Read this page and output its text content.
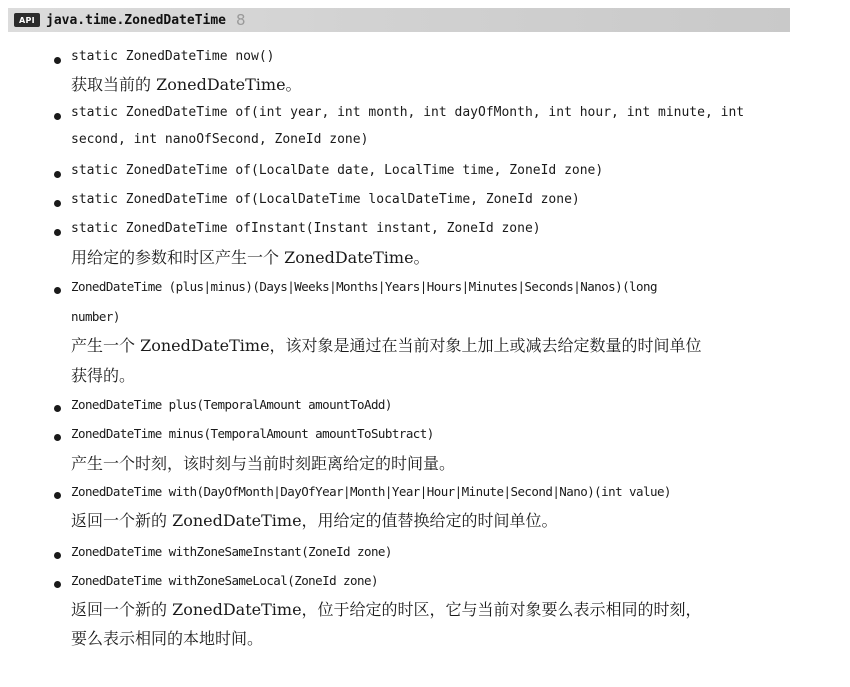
API java.time.ZonedDateTime 8
static ZonedDateTime now()
获取当前的 ZonedDateTime。
static ZonedDateTime of(int year, int month, int dayOfMonth, int hour, int minute, int
second, int nanoOfSecond, ZoneId zone)
static ZonedDateTime of(LocalDate date, LocalTime time, ZoneId zone)
static ZonedDateTime of(LocalDateTime localDateTime, ZoneId zone)
static ZonedDateTime ofInstant(Instant instant, ZoneId zone)
用给定的参数和时区产生一个 ZonedDateTime。
ZonedDateTime (plus|minus)(Days|Weeks|Months|Years|Hours|Minutes|Seconds|Nanos)(long
number)
产生一个 ZonedDateTime，该对象是通过在当前对象上加上或减去给定数量的时间单位
获得的。
ZonedDateTime plus(TemporalAmount amountToAdd)
ZonedDateTime minus(TemporalAmount amountToSubtract)
产生一个时刻，该时刻与当前时刻距离给定的时间量。
ZonedDateTime with(DayOfMonth|DayOfYear|Month|Year|Hour|Minute|Second|Nano)(int value)
返回一个新的 ZonedDateTime，用给定的值替换给定的时间单位。
ZonedDateTime withZoneSameInstant(ZoneId zone)
ZonedDateTime withZoneSameLocal(ZoneId zone)
返回一个新的 ZonedDateTime，位于给定的时区，它与当前对象要么表示相同的时刻，
要么表示相同的本地时间。
